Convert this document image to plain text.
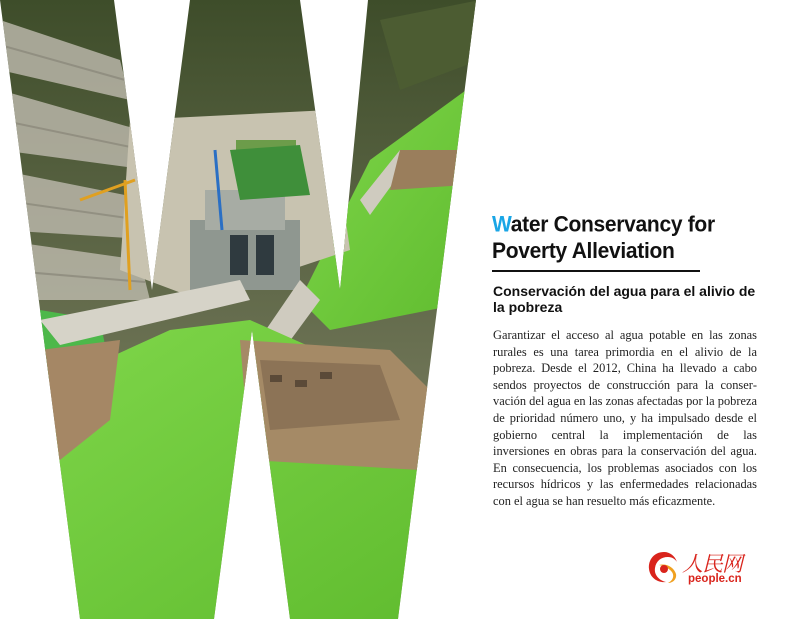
Water Conservancy for
Poverty Alleviation
Conservación del agua para el alivio de la pobreza
Garantizar el acceso al agua potable en las zonas rurales es una tarea primordia en el alivio de la pobreza. Desde el 2012, China ha llevado a cabo sendos proyectos de construcción para la conservación del agua en las zonas afectadas por la pobreza de prioridad número uno, y ha impulsado desde el gobierno central la implementación de las inversiones en obras para la conservación del agua. En consecuencia, los problemas asociados con los recursos hídricos y las enfermedades relacionadas con el agua se han resuelto más eficazmente.
人民网
people.cn
